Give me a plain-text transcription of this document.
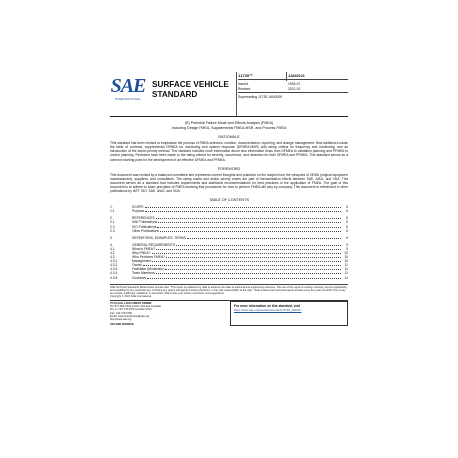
SAE
INTERNATIONAL
SURFACE VEHICLE STANDARD
J1739™	JAN2021
Issued	1994-07
Revised	2021-01
Superseding J1739 JAN2009
(R) Potential Failure Mode and Effects Analysis (FMEA)
Including Design FMEA, Supplemental FMEA-MSR, and Process FMEA
RATIONALE
This standard has been revised to emphasize the process of FMEA selection, creation, documentation, reporting, and change management. New additions include the table of contents, supplemental DFMEA for monitoring and system response (DFMEA-MSR) with rating criteria for frequency and monitoring, and an introduction of the action priority method. The standard includes more information about how information flows from DFMEA to validation planning and PFMEA to control planning. Revisions have been made to the rating criteria for severity, occurrence, and detection for both DFMEA and PFMEA. This standard serves as a common starting point for the development of an effective DFMEA and PFMEA.
FOREWORD
This document was revised by a balanced committee and represents current thoughts and practices on the subject from the viewpoint of OEMs (original equipment manufacturers), suppliers, and consultants. The rating charts and action priority charts are part of harmonization efforts between SAE, AIAG, and VDA. This document serves as a standard that includes requirements and additional recommendations for best practices in the application of FMEA. The goal of this document is to adhere to basic principles of FMEA knowing that procedures for how to perform FMEA will vary by company. This document is referenced in other publications by IATF, ISO, SAE, AIAG, and VDA.
TABLE OF CONTENTS
1.	SCOPE	6
1.1	Purpose	6
2.	REFERENCES	6
2.1	SAE Publications	6
2.2	ISO Publications	6
2.3	Other Publications	6
3.	DEFINITIONS, EXAMPLES, TERMS	6
4.	GENERAL REQUIREMENTS	9
4.1	What is FMEA?	9
4.2	Why FMEA?	10
4.3	Who Performs FMEA?	10
4.3.1	Management	10
4.3.2	Owner	11
4.3.3	Facilitator (Moderator)	11
4.3.4	Team Members	11
4.3.5	Customer	11
SAE Technical Standards Board Rules provide that: "This report is published by SAE to advance the state of technical and engineering sciences. The use of this report is entirely voluntary, and its applicability and suitability for any particular use, including any patent infringement arising therefrom, is the sole responsibility of the user." SAE reviews each technical report at least every five years at which time it may be revised, reaffirmed, stabilized, or cancelled. SAE invites your written comments and suggestions.
Copyright © 2021 SAE International
TO PLACE A DOCUMENT ORDER:
Tel: 877-606-7323 (inside USA and Canada)
Tel: +1 724-776-4970 (outside USA)
Fax: 724-776-0790
Email: CustomerService@sae.org
http://www.sae.org
SAE WEB ADDRESS:
For more information on this standard, visit
https://www.sae.org/standards/content/J1739_202101/
